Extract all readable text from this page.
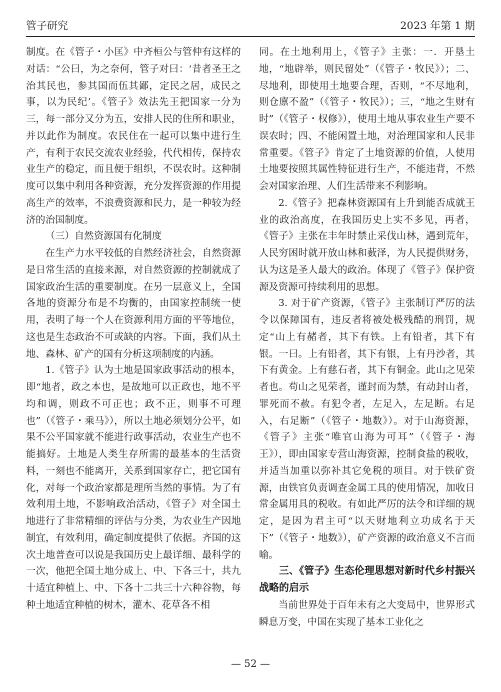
管子研究	2023 年第 1 期

制度。在《管子・小匡》中齐桓公与管仲有这样的对话：“公曰，为之奈何，管子对曰：‘昔者圣王之治其民也，参其国而伍其鄙，定民之居，成民之事，以为民纪’。《管子》效法先王把国家一分为三，每一部分又分为五，安排人民的住所和职业，并以此作为制度。农民住在一起可以集中进行生产，有利于农民交流农业经验，代代相传，保持农业生产的稳定，而且便于组织，不误农时。这种制度可以集中利用各种资源，充分发挥资源的作用提高生产的效率，不浪费资源和民力，是一种较为经济的治国制度。

（三）自然资源国有化制度

在生产力水平较低的自然经济社会，自然资源是日常生活的直接来源，对自然资源的控制就成了国家政治生活的重要制度。在另一层意义上，全国各地的资源分布是不均衡的，由国家控制统一使用，表明了每一个人在资源利用方面的平等地位，这也是生态政治不可或缺的内容。下面，我们从土地、森林、矿产的国有分析这项制度的内涵。

1.《管子》认为土地是国家政事活动的根本，即“地者，政之本也，是故地可以正政也，地不平均和调，则政不可正也；政不正，则事不可理也”（《管子・乘马》），所以土地必须划分公平，如果不公平国家就不能进行政事活动，农业生产也不能搞好。土地是人类生存所需的最基本的生活资料，一刻也不能离开，关系到国家存亡，把它国有化，对每一个政治家都是理所当然的事情。为了有效利用土地，不影响政治活动，《管子》对全国土地进行了非常精细的评估与分类，为农业生产因地制宜，有效利用，确定制度提供了依据。齐国的这次土地普查可以说是我国历史上最详细、最科学的一次，他把全国土地分成上、中、下各三十，共九十适宜种植上、中、下各十二共三十六种谷物，每种土地适宜种植的树木，灌木、花草各不相

同。在土地利用上，《管子》主张：一．开垦土地，“地辟举，则民留处”（《管子・牧民》）；二、尽地利，即使用土地要合理，否则，“不尽地利，则仓廪不盈”（《管子・牧民》）；三，“地之生财有时”（《管子・权修》），使用土地从事农业生产要不误农时；四、不能闲置土地，对治理国家和人民非常重要。《管子》肯定了土地资源的价值，人使用土地要按照其属性特征进行生产，不能违背，不然会对国家治理、人们生活带来不利影响。

2.《管子》把森林资源国有上升到能否成就王业的政治高度，在我国历史上实不多见，再者，《管子》主张在丰年时禁止采伐山林，遇到荒年，人民穷困时就开放山林和薮泽，为人民提供财务，认为这是圣人最大的政治。体现了《管子》保护资源及资源可持续利用的思想。

3. 对于矿产资源，《管子》主张制订严厉的法令以保障国有，违反者将被处极残酷的刑罚，规定“山上有赭者，其下有铁。上有铅者，其下有银。一曰。上有铅者，其下有银，上有丹沙者，其下有黄金。上有慈石者，其下有铜金。此山之见荣者也。苟山之见荣者，谨封而为禁，有动封山者，罪死而不赦。有犯令者，左足入，左足断。右足入，右足断”（《管子・地数》）。对于山海资源，《管子》主张“唯官山海为可耳”（《管子・海王》），即由国家专营山海资源，控制食盐的税收，并适当加重以弥补其它免税的项目。对于铁矿资源，由铁官负责调查金属工具的使用情况，加收日常金属用具的税收。有如此严厉的法令和详细的规定，是因为君主可“以天财地利立功成名于天下”（《管子・地数》），矿产资源的政治意义不言而喻。

三、《管子》生态伦理思想对新时代乡村振兴战略的启示

当前世界处于百年未有之大变局中，世界形式瞬息万变，中国在实现了基本工业化之

— 52 —
